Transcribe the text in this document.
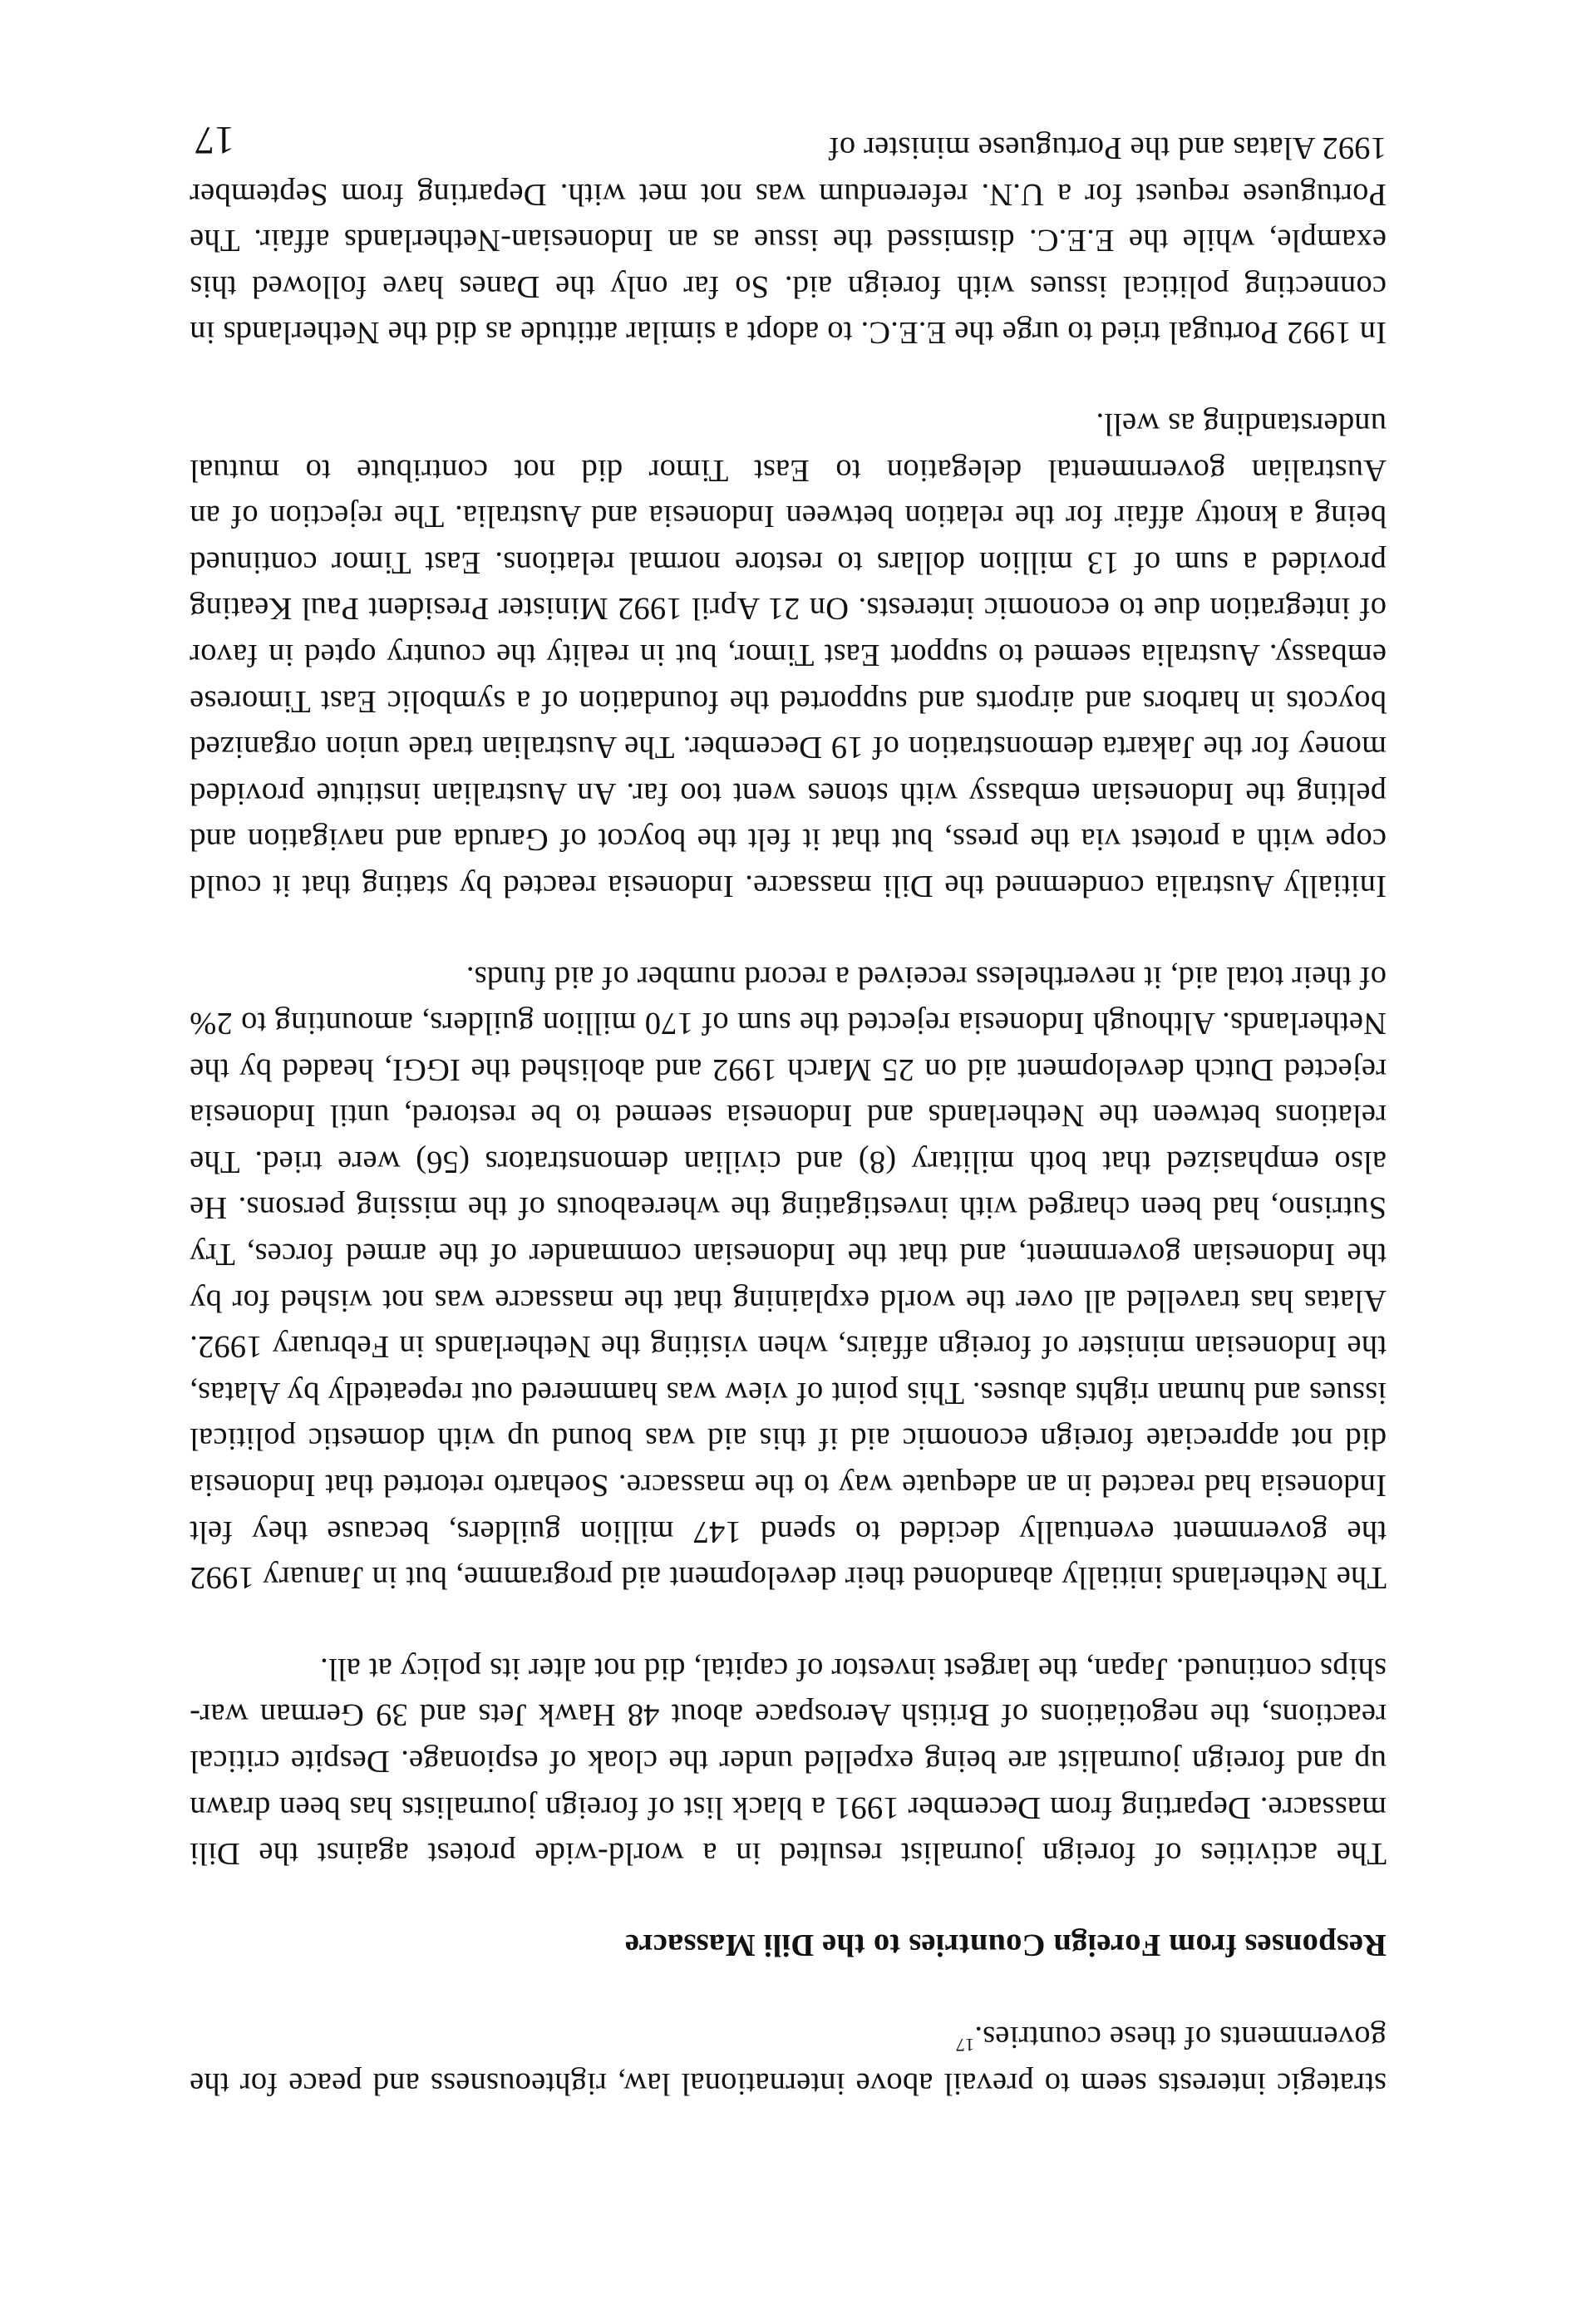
strategic interests seem to prevail above international law, righteousness and peace for the governments of these countries.$^{17}$

Responses from Foreign Countries to the Dili Massacre

The activities of foreign journalist resulted in a world-wide protest against the Dili massacre. Departing from December 1991 a black list of foreign journalists has been drawn up and foreign journalist are being expelled under the cloak of espionage. Despite critical reactions, the negotiations of British Aerospace about 48 Hawk Jets and 39 German war-ships continued. Japan, the largest investor of capital, did not alter its policy at all.

The Netherlands initially abandoned their development aid programme, but in January 1992 the government eventually decided to spend 147 million guilders, because they felt Indonesia had reacted in an adequate way to the massacre. Soeharto retorted that Indonesia did not appreciate foreign economic aid if this aid was bound up with domestic political issues and human rights abuses. This point of view was hammered out repeatedly by Alatas, the Indonesian minister of foreign affairs, when visiting the Netherlands in February 1992. Alatas has travelled all over the world explaining that the massacre was not wished for by the Indonesian government, and that the Indonesian commander of the armed forces, Try Sutrisno, had been charged with investigating the whereabouts of the missing persons. He also emphasized that both military (8) and civilian demonstrators (56) were tried. The relations between the Netherlands and Indonesia seemed to be restored, until Indonesia rejected Dutch development aid on 25 March 1992 and abolished the IGGI, headed by the Netherlands. Although Indonesia rejected the sum of 170 million guilders, amounting to 2% of their total aid, it nevertheless received a record number of aid funds.

Initially Australia condemned the Dili massacre. Indonesia reacted by stating that it could cope with a protest via the press, but that it felt the boycot of Garuda and navigation and pelting the Indonesian embassy with stones went too far. An Australian institute provided money for the Jakarta demonstration of 19 December. The Australian trade union organized boycots in harbors and airports and supported the foundation of a symbolic East Timorese embassy. Australia seemed to support East Timor, but in reality the country opted in favor of integration due to economic interests. On 21 April 1992 Minister President Paul Keating provided a sum of 13 million dollars to restore normal relations. East Timor continued being a knotty affair for the relation between Indonesia and Australia. The rejection of an Australian governmental delegation to East Timor did not contribute to mutual understanding as well.

In 1992 Portugal tried to urge the E.E.C. to adopt a similar attitude as did the Netherlands in connecting political issues with foreign aid. So far only the Danes have followed this example, while the E.E.C. dismissed the issue as an Indonesian-Netherlands affair. The Portuguese request for a U.N. referendum was not met with. Departing from September 1992 Alatas and the Portuguese minister of

17
